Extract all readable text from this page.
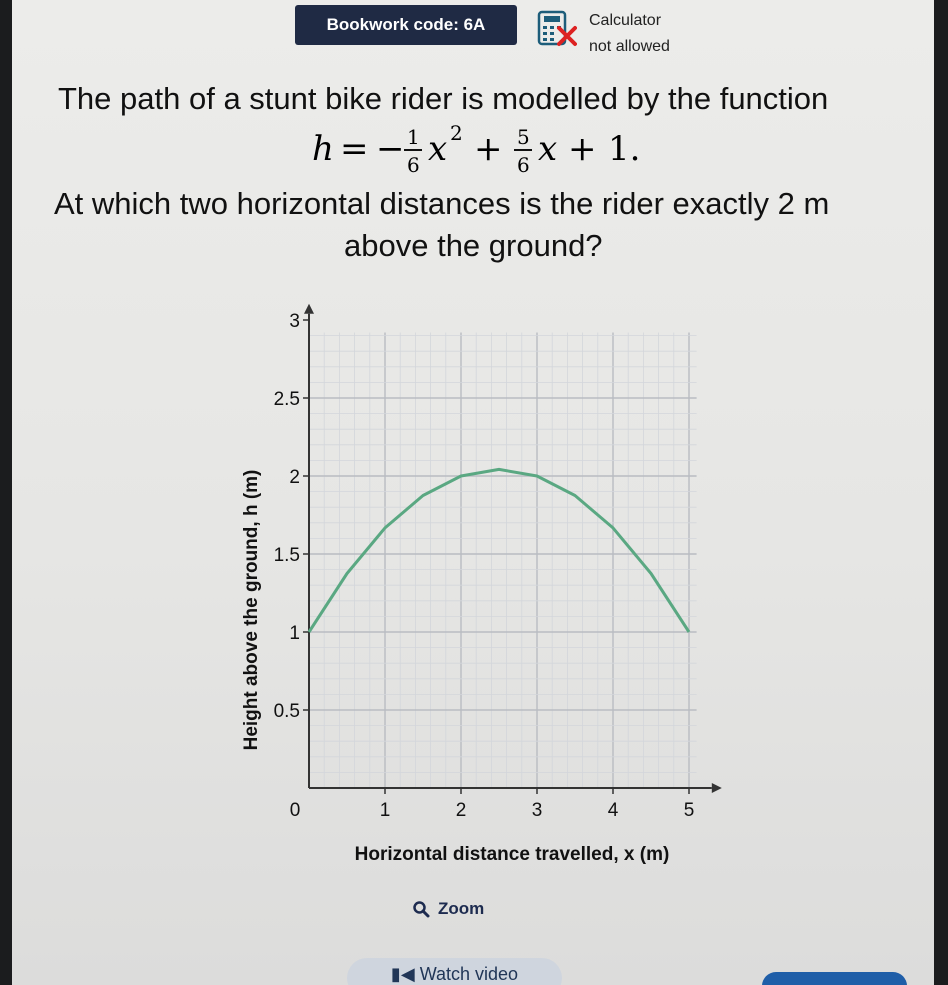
Bookwork code: 6A	Calculator
not allowed
The path of a stunt bike rider is modelled by the function
At which two horizontal distances is the rider exactly 2 m
above the ground?
h = − 1
6 x 2 + 5
6 x + 1.
0	1	2	3	4	5
0.5
1
1.5
2
2.5
3
Horizontal distance travelled, x (m)
Height above the ground, h (m)
Zoom
▮◀ Watch video
